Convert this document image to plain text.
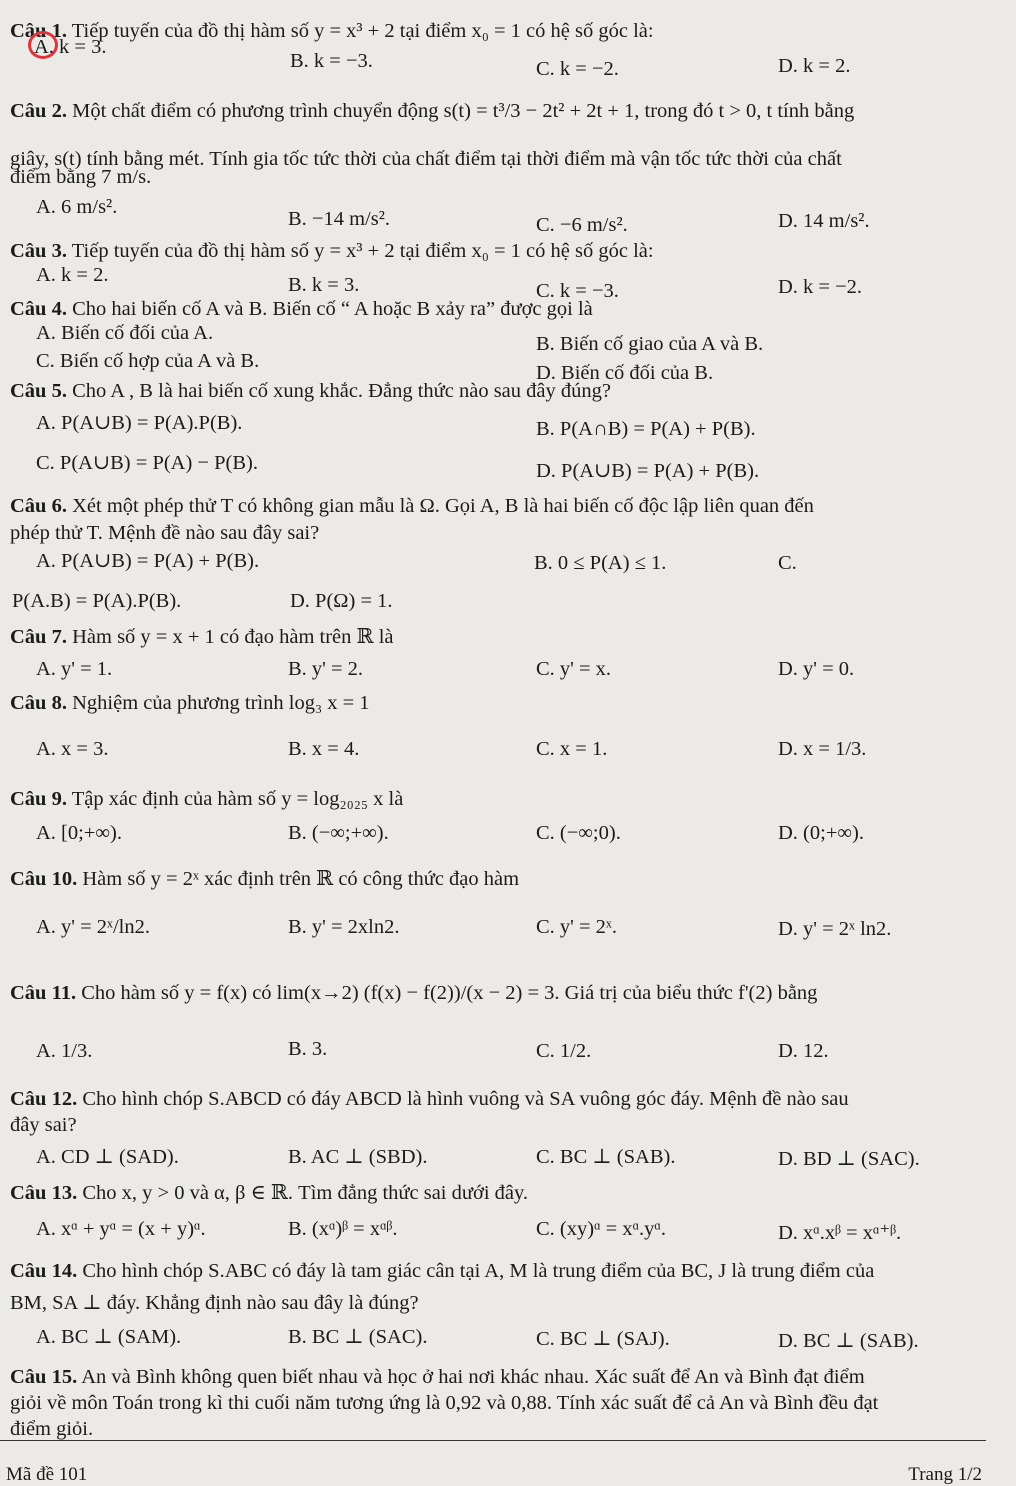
Câu 1. Tiếp tuyến của đồ thị hàm số y = x³ + 2 tại điểm x₀ = 1 có hệ số góc là:
A. k = 3.
B. k = −3.	C. k = −2.	D. k = 2.
Câu 2. Một chất điểm có phương trình chuyển động s(t) = t³/3 − 2t² + 2t + 1, trong đó t > 0, t tính bằng
giây, s(t) tính bằng mét. Tính gia tốc tức thời của chất điểm tại thời điểm mà vận tốc tức thời của chất
điểm bằng 7 m/s.
A. 6 m/s².
B. −14 m/s².	C. −6 m/s².	D. 14 m/s².
Câu 3. Tiếp tuyến của đồ thị hàm số y = x³ + 2 tại điểm x₀ = 1 có hệ số góc là:
A. k = 2.	B. k = 3.	C. k = −3.	D. k = −2.
Câu 4. Cho hai biến cố A và B. Biến cố “ A hoặc B xảy ra” được gọi là
A. Biến cố đối của A.	B. Biến cố giao của A và B.
C. Biến cố hợp của A và B.
D. Biến cố đối của B.
Câu 5. Cho A , B là hai biến cố xung khắc. Đẳng thức nào sau đây đúng?
A. P(A∪B) = P(A).P(B).	B. P(A∩B) = P(A) + P(B).
C. P(A∪B) = P(A) − P(B).	D. P(A∪B) = P(A) + P(B).
Câu 6. Xét một phép thử T có không gian mẫu là Ω. Gọi A, B là hai biến cố độc lập liên quan đến
phép thử T. Mệnh đề nào sau đây sai?
A. P(A∪B) = P(A) + P(B).	B. 0 ≤ P(A) ≤ 1.	C.
P(A.B) = P(A).P(B).	D. P(Ω) = 1.
Câu 7. Hàm số y = x + 1 có đạo hàm trên ℝ là
A. y' = 1.	B. y' = 2.	C. y' = x.	D. y' = 0.
Câu 8. Nghiệm của phương trình log₃ x = 1
A. x = 3.	B. x = 4.	C. x = 1.	D. x = 1/3.
Câu 9. Tập xác định của hàm số y = log₂₀₂₅ x là
A. [0;+∞).	B. (−∞;+∞).	C. (−∞;0).	D. (0;+∞).
Câu 10. Hàm số y = 2ˣ xác định trên ℝ có công thức đạo hàm
A. y' = 2ˣ/ln2.	B. y' = 2xln2.	C. y' = 2ˣ.	D. y' = 2ˣ ln2.
Câu 11. Cho hàm số y = f(x) có lim(x→2) (f(x) − f(2))/(x − 2) = 3. Giá trị của biểu thức f'(2) bằng
A. 1/3.	B. 3.	C. 1/2.	D. 12.
Câu 12. Cho hình chóp S.ABCD có đáy ABCD là hình vuông và SA vuông góc đáy. Mệnh đề nào sau
đây sai?
A. CD ⊥ (SAD).	B. AC ⊥ (SBD).	C. BC ⊥ (SAB).	D. BD ⊥ (SAC).
Câu 13. Cho x, y > 0 và α, β ∈ ℝ. Tìm đẳng thức sai dưới đây.
A. xᵅ + yᵅ = (x + y)ᵅ.	B. (xᵅ)ᵝ = xᵅᵝ.	C. (xy)ᵅ = xᵅ.yᵅ.	D. xᵅ.xᵝ = xᵅ⁺ᵝ.
Câu 14. Cho hình chóp S.ABC có đáy là tam giác cân tại A, M là trung điểm của BC, J là trung điểm của
BM, SA ⊥ đáy. Khẳng định nào sau đây là đúng?
A. BC ⊥ (SAM).	B. BC ⊥ (SAC).	C. BC ⊥ (SAJ).	D. BC ⊥ (SAB).
Câu 15. An và Bình không quen biết nhau và học ở hai nơi khác nhau. Xác suất để An và Bình đạt điểm
giỏi về môn Toán trong kì thi cuối năm tương ứng là 0,92 và 0,88. Tính xác suất để cả An và Bình đều đạt
điểm giỏi.
Mã đề 101	Trang 1/2
